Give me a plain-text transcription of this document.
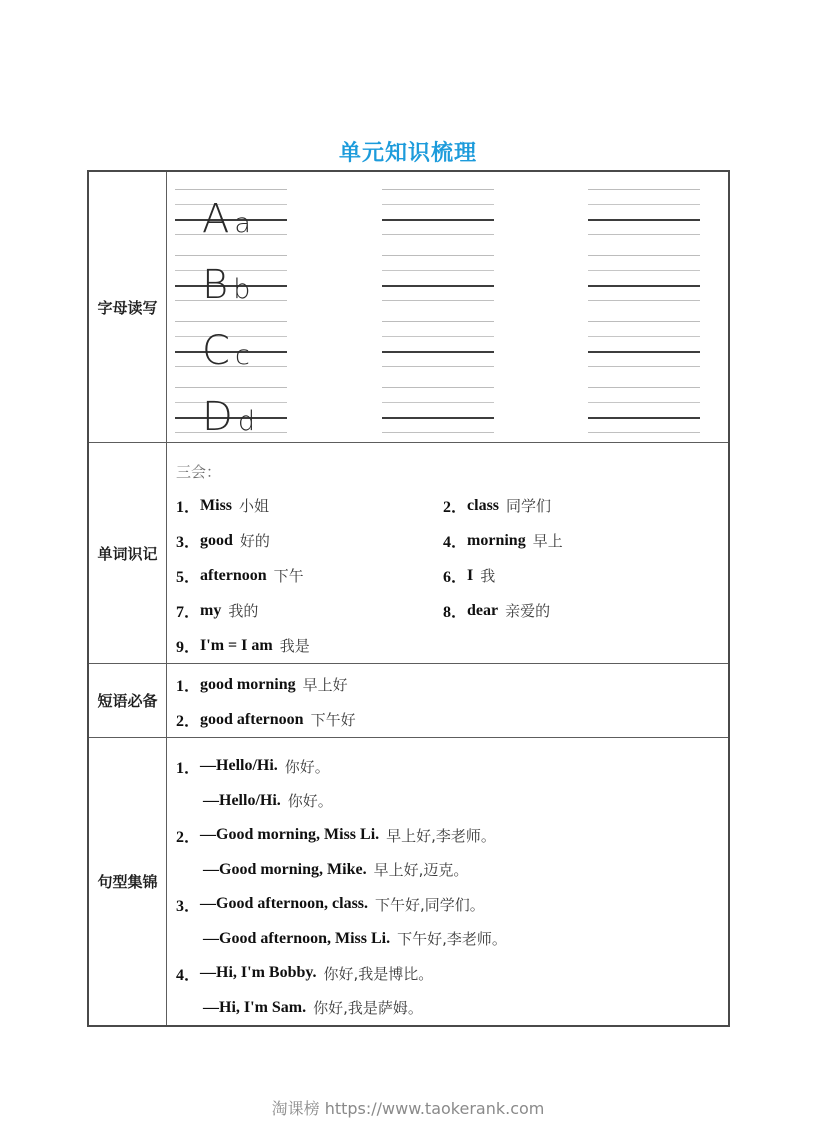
单元知识梳理
字母读写
A a
B b
C c
D d
单词识记
三会：
1． Miss 小姐	2． class 同学们
3． good 好的	4． morning 早上
5． afternoon 下午	6． I 我
7． my 我的	8． dear 亲爱的
9． I'm = I am 我是
短语必备
1． good morning 早上好
2． good afternoon 下午好
句型集锦
1． —Hello/Hi. 你好。
—Hello/Hi. 你好。
2． —Good morning, Miss Li. 早上好,李老师。
—Good morning, Mike. 早上好,迈克。
3． —Good afternoon, class. 下午好,同学们。
—Good afternoon, Miss Li. 下午好,李老师。
4． —Hi, I'm Bobby. 你好,我是博比。
—Hi, I'm Sam. 你好,我是萨姆。
淘课榜 https://www.taokerank.com
